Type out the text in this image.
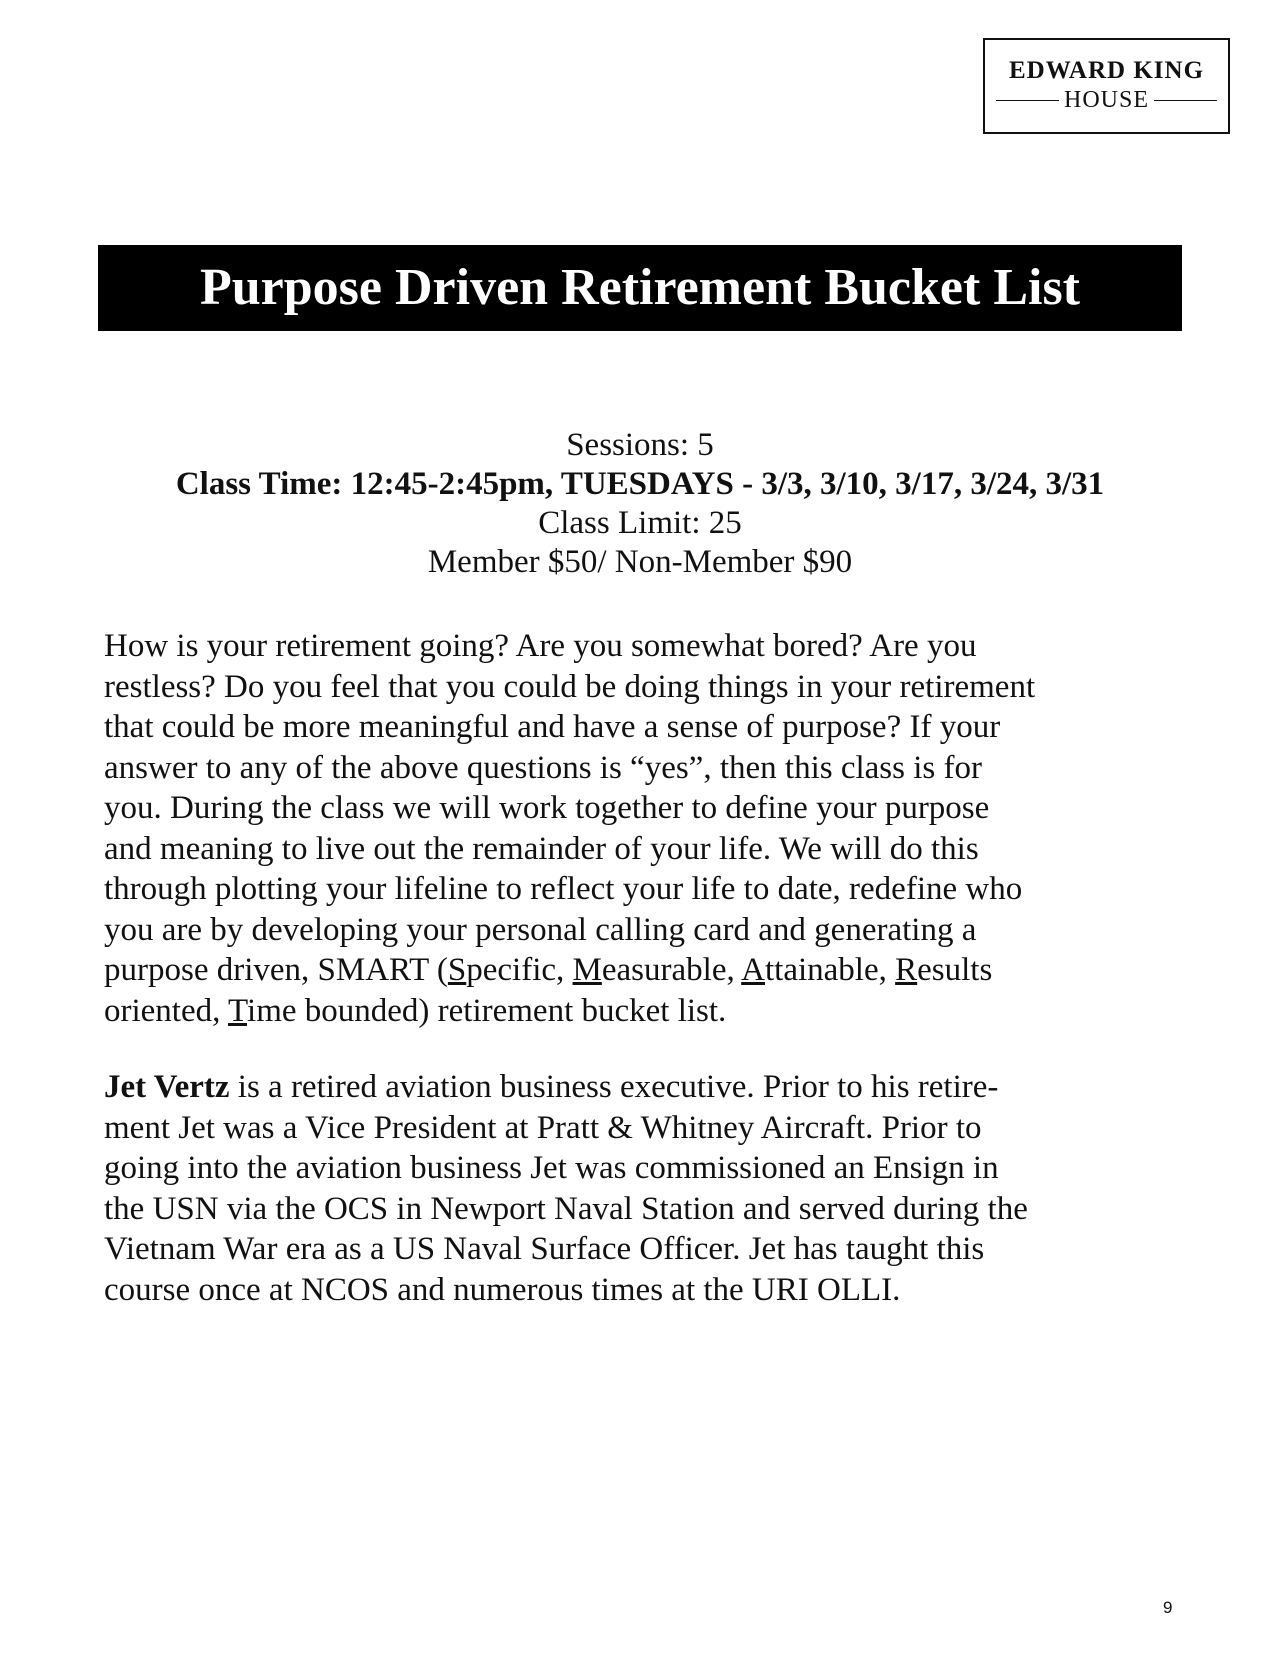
EDWARD KING
HOUSE
Purpose Driven Retirement Bucket List
Sessions: 5
Class Time: 12:45-2:45pm, TUESDAYS - 3/3, 3/10, 3/17, 3/24, 3/31
Class Limit: 25
Member $50/ Non-Member $90
How is your retirement going? Are you somewhat bored? Are you
restless? Do you feel that you could be doing things in your retirement
that could be more meaningful and have a sense of purpose? If your
answer to any of the above questions is “yes”, then this class is for
you. During the class we will work together to define your purpose
and meaning to live out the remainder of your life. We will do this
through plotting your lifeline to reflect your life to date, redefine who
you are by developing your personal calling card and generating a
purpose driven, SMART (Specific, Measurable, Attainable, Results
oriented, Time bounded) retirement bucket list.
Jet Vertz is a retired aviation business executive. Prior to his retire-
ment Jet was a Vice President at Pratt & Whitney Aircraft. Prior to
going into the aviation business Jet was commissioned an Ensign in
the USN via the OCS in Newport Naval Station and served during the
Vietnam War era as a US Naval Surface Officer. Jet has taught this
course once at NCOS and numerous times at the URI OLLI.
9
